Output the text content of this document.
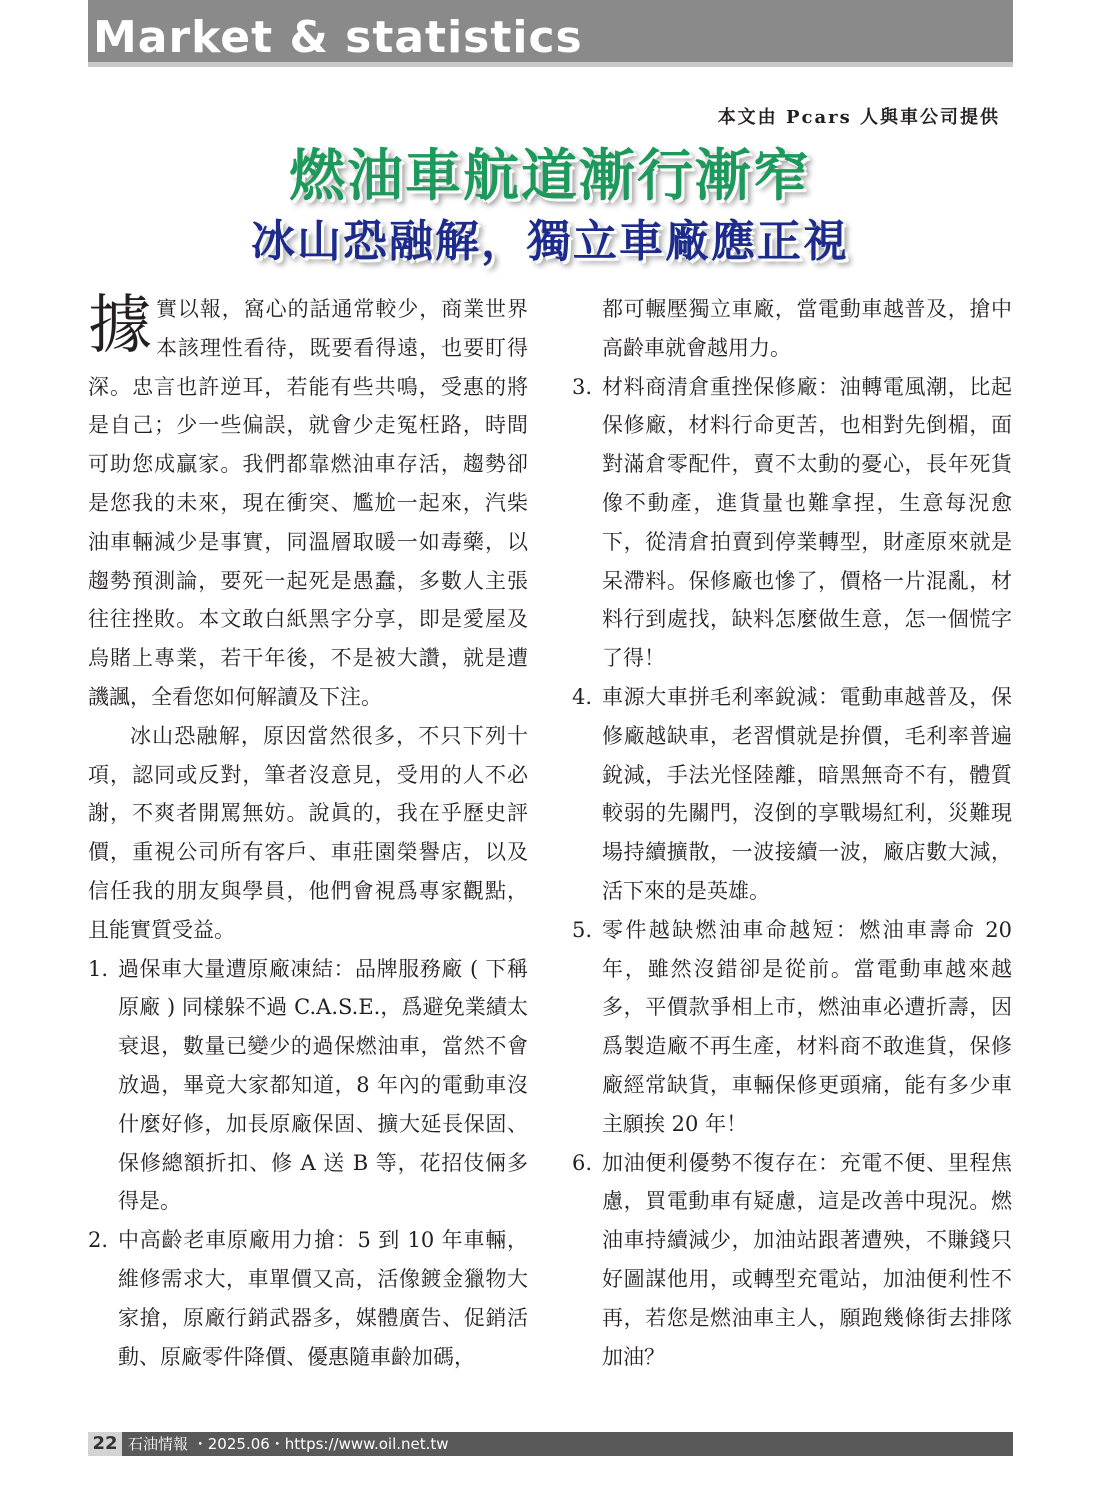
Market & statistics
本文由 Pcars 人與車公司提供
燃油車航道漸行漸窄
冰山恐融解，獨立車廠應正視

據實以報，窩心的話通常較少，商業世界本該理性看待，既要看得遠，也要盯得深。忠言也許逆耳，若能有些共鳴，受惠的將是自己；少一些偏誤，就會少走冤枉路，時間可助您成贏家。我們都靠燃油車存活，趨勢卻是您我的未來，現在衝突、尷尬一起來，汽柴油車輛減少是事實，同溫層取暖一如毒藥，以趨勢預測論，要死一起死是愚蠢，多數人主張往往挫敗。本文敢白紙黑字分享，即是愛屋及烏賭上專業，若干年後，不是被大讚，就是遭譏諷，全看您如何解讀及下注。

冰山恐融解，原因當然很多，不只下列十項，認同或反對，筆者沒意見，受用的人不必謝，不爽者開罵無妨。說眞的，我在乎歷史評價，重視公司所有客戶、車莊園榮譽店，以及信任我的朋友與學員，他們會視爲專家觀點，且能實質受益。

1. 過保車大量遭原廠凍結：品牌服務廠 ( 下稱原廠 ) 同樣躲不過 C.A.S.E.，爲避免業績太衰退，數量已變少的過保燃油車，當然不會放過，畢竟大家都知道，8 年內的電動車沒什麼好修，加長原廠保固、擴大延長保固、保修總額折扣、修 A 送 B 等，花招伎倆多得是。
2. 中高齡老車原廠用力搶：5 到 10 年車輛，維修需求大，車單價又高，活像鍍金獵物大家搶，原廠行銷武器多，媒體廣告、促銷活動、原廠零件降價、優惠隨車齡加碼，

都可輾壓獨立車廠，當電動車越普及，搶中高齡車就會越用力。

3. 材料商清倉重挫保修廠：油轉電風潮，比起保修廠，材料行命更苦，也相對先倒楣，面對滿倉零配件，賣不太動的憂心，長年死貨像不動產，進貨量也難拿捏，生意每況愈下，從清倉拍賣到停業轉型，財產原來就是呆滯料。保修廠也慘了，價格一片混亂，材料行到處找，缺料怎麼做生意，怎一個慌字了得！
4. 車源大車拼毛利率銳減：電動車越普及，保修廠越缺車，老習慣就是拚價，毛利率普遍銳減，手法光怪陸離，暗黑無奇不有，體質較弱的先關門，沒倒的享戰場紅利，災難現場持續擴散，一波接續一波，廠店數大減，活下來的是英雄。
5. 零件越缺燃油車命越短：燃油車壽命 20 年，雖然沒錯卻是從前。當電動車越來越多，平價款爭相上市，燃油車必遭折壽，因爲製造廠不再生產，材料商不敢進貨，保修廠經常缺貨，車輛保修更頭痛，能有多少車主願挨 20 年！
6. 加油便利優勢不復存在：充電不便、里程焦慮，買電動車有疑慮，這是改善中現況。燃油車持續減少，加油站跟著遭殃，不賺錢只好圖謀他用，或轉型充電站，加油便利性不再，若您是燃油車主人，願跑幾條街去排隊加油？
22 石油情報 ・2025.06・https://www.oil.net.tw
